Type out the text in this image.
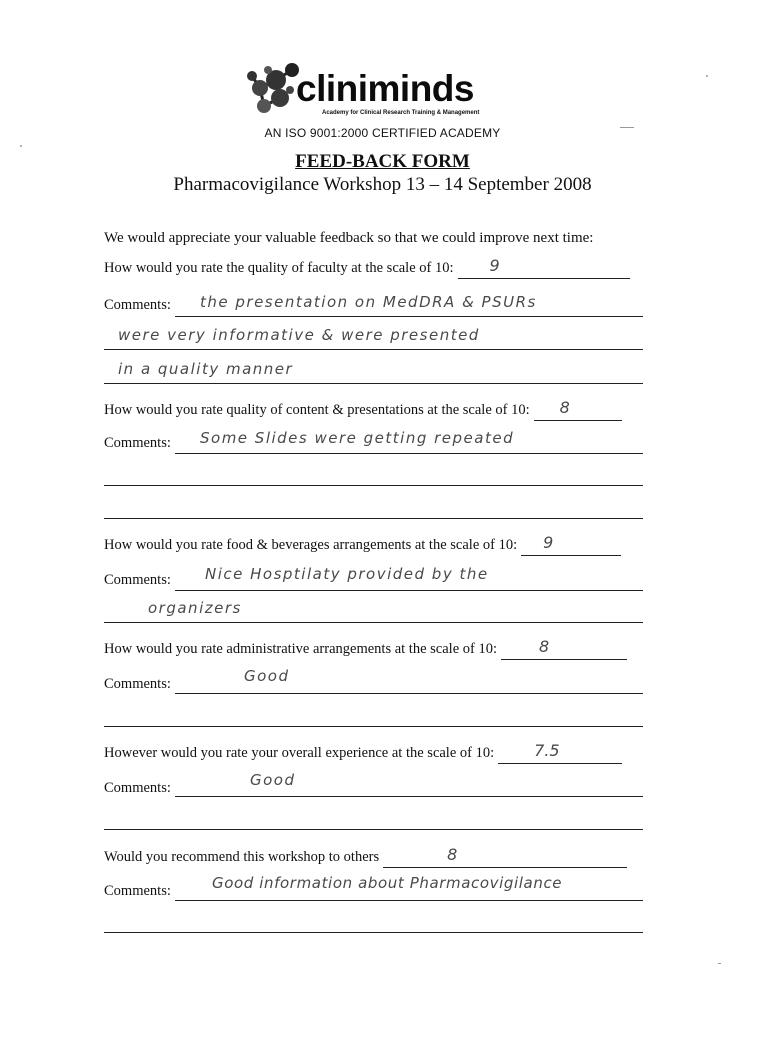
cliniminds
Academy for Clinical Research Training & Management
AN ISO 9001:2000 CERTIFIED ACADEMY
FEED-BACK FORM
Pharmacovigilance Workshop 13 – 14 September 2008
We would appreciate your valuable feedback so that we could improve next time:
How would you rate the quality of faculty at the scale of 10: 9
Comments: the presentation on MedDRA & PSURs
were very informative & were presented
in a quality manner
How would you rate quality of content & presentations at the scale of 10: 8
Comments: Some Slides were getting repeated
How would you rate food & beverages arrangements at the scale of 10: 9
Comments: Nice Hosptilaty provided by the
organizers
How would you rate administrative arrangements at the scale of 10:	8
Comments:	Good
However would you rate your overall experience at the scale of 10:	7.5
Comments:	Good
Would you recommend this workshop to others	8
Comments:	Good information about Pharmacovigilance
